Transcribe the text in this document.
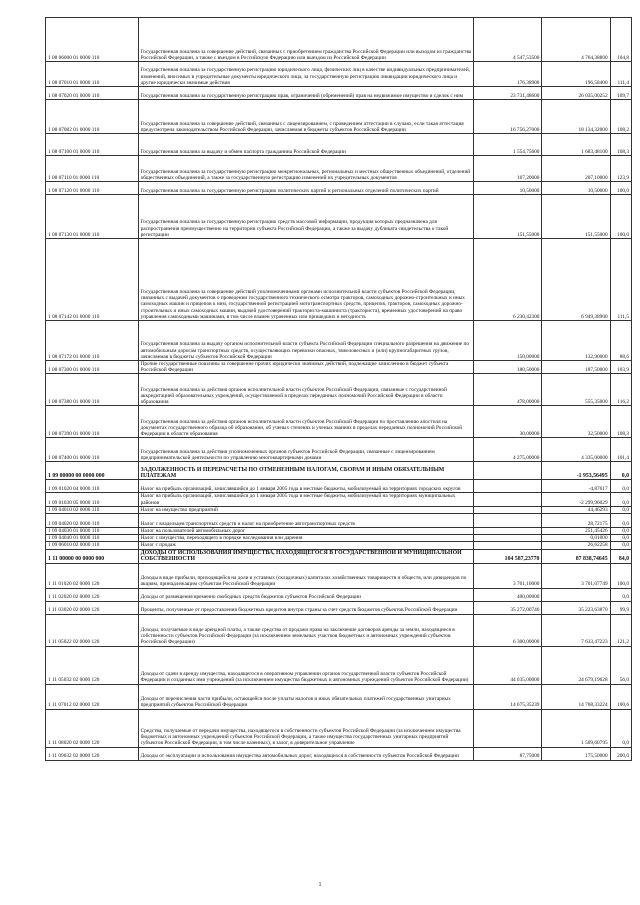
1 08 06000 01 0000 110	Государственная пошлина за совершение действий, связанных с приобретением гражданства Российской Федерации или выходом из гражданства Российской Федерации, а также с въездом в Российскую Федерацию или выездом из Российской Федерации	4 547,53500	4 764,38800	104,8
1 08 07010 01 0000 110	Государственная пошлина за государственную регистрацию юридического лица, физических лиц в качестве индивидуальных предпринимателей, изменений, вносимых в учредительные документы юридического лица, за государственную регистрацию ликвидации юридического лица и другие юридически значимые действия	176,38900	196,58400	111,4
1 08 07020 01 0000 110	Государственная пошлина за государственную регистрацию прав, ограничений (обременений) прав на недвижимое имущество и сделок с ним	23 731,48600	26 035,00252	109,7
1 08 07082 01 0000 110	Государственная пошлина за совершение действий, связанных с лицензированием, с проведением аттестации в случаях, если такая аттестация предусмотрена законодательством Российской Федерации, зачисляемая в бюджеты субъектов Российской Федерации	16 756,27000	18 134,32000	108,2
1 08 07100 01 0000 110	Государственная пошлина за выдачу и обмен паспорта гражданина Российской Федерации	1 554,75600	1 683,48100	108,3
1 08 07110 01 0000 110	Государственная пошлина за государственную регистрацию межрегиональных, региональных и местных общественных объединений, отделений общественных объединений, а также за государственную регистрацию изменений их учредительных документов	167,20000	207,10000	123,9
1 08 07120 01 0000 110	Государственная пошлина за государственную регистрацию политических партий и региональных отделений политических партий	10,50000	10,50000	100,0
1 08 07130 01 0000 110	Государственная пошлина за государственную регистрацию средств массовой информации, продукция которых предназначена для распространения преимущественно на территории субъекта Российской Федерации, а также за выдачу дубликата свидетельства о такой регистрации	151,55000	151,55000	100,0
1 08 07142 01 0000 110	Государственная пошлина за совершение действий уполномоченными органами исполнительной власти субъектов Российской Федерации, связанных с выдачей документов о проведении государственного технического осмотра тракторов, самоходных дорожно-строительных и иных самоходных машин и прицепов к ним, государственной регистрацией мототранспортных средств, прицепов, тракторов, самоходных дорожно-строительных и иных самоходных машин, выдачей удостоверений тракториста-машиниста (тракториста), временных удостоверений на право управления самоходными машинами, в том числе взамен утраченных или пришедших в негодность	6 230,42300	6 949,38900	111,5
1 08 07172 01 0000 110	Государственная пошлина за выдачу органом исполнительной власти субъекта Российской Федерации специального разрешения на движение по автомобильным дорогам транспортных средств, осуществляющих перевозки опасных, тяжеловесных и (или) крупногабаритных грузов, зачисляемая в бюджеты субъектов Российской Федерации	150,00000	132,90000	88,6
1 08 07300 01 0000 110	Прочие государственные пошлины за совершение прочих юридически значимых действий, подлежащие зачислению в бюджет субъекта Российской Федерации	180,50000	187,50000	103,9
1 08 07380 01 0000 110	Государственная пошлина за действия органов исполнительной власти субъектов Российской Федерации, связанные с государственной аккредитацией образовательных учреждений, осуществляемой в пределах переданных полномочий Российской Федерации в области образования	478,00000	555,35000	116,2
1 08 07390 01 0000 110	Государственная пошлина за действия органов исполнительной власти субъектов Российской Федерации по проставлению апостиля на документах государственного образца об образовании, об ученых степенях и ученых званиях в пределах переданных полномочий Российской Федерации в области образования	30,00000	32,50000	108,3
1 08 07400 01 0000 110	Государственная пошлина за действия уполномоченных органов субъектов Российской Федерации, связанные с лицензированием предпринимательской деятельности по управлению многоквартирными домами	4 275,00000	4 335,00000	101,4
1 09 00000 00 0000 000	ЗАДОЛЖЕННОСТЬ И ПЕРЕРАСЧЕТЫ ПО ОТМЕНЕННЫМ НАЛОГАМ, СБОРАМ И ИНЫМ ОБЯЗАТЕЛЬНЫМ ПЛАТЕЖАМ		-1 953,56495	0,0
1 09 01020 04 0000 110	Налог на прибыль организаций, зачислявшийся до 1 января 2005 года в местные бюджеты, мобилизуемый на территориях городских округов		-4,87617	0,0
1 09 01030 05 0000 110	Налог на прибыль организаций, зачислявшийся до 1 января 2005 года в местные бюджеты, мобилизуемый на территориях муниципальных районов		-2 299,96029	0,0
1 09 04010 02 0000 110	Налог на имущество предприятий		44,46293	0,0
1 09 04020 02 0000 110	Налог с владельцев транспортных средств и налог на приобретение автотранспортных средств		28,72175	0,0
1 09 04030 01 0000 110	Налог на пользователей автомобильных дорог		251,45426	0,0
1 09 04040 01 0000 110	Налог с имущества, переходящего в порядке наследования или дарения		0,01000	0,0
1 09 06010 02 0000 110	Налог с продаж		26,62258	0,0
1 11 00000 00 0000 000	ДОХОДЫ ОТ ИСПОЛЬЗОВАНИЯ ИМУЩЕСТВА, НАХОДЯЩЕГОСЯ В ГОСУДАРСТВЕННОЙ И МУНИЦИПАЛЬНОЙ СОБСТВЕННОСТИ	104 587,23770	87 838,74645	84,0
1 11 01020 02 0000 120	Доходы в виде прибыли, приходящейся на доли в уставных (складочных) капиталах хозяйственных товариществ и обществ, или дивидендов по акциям, принадлежащим субъектам Российской Федерации	3 701,10000	3 701,07749	100,0
1 11 02020 02 0000 120	Доходы от размещения временно свободных средств бюджетов субъектов Российской Федерации	400,00000		0,0
1 11 03020 02 0000 120	Проценты, полученные от предоставления бюджетных кредитов внутри страны за счет средств бюджетов субъектов Российской Федерации	35 272,00746	35 223,63870	99,9
1 11 05022 02 0000 120	Доходы, получаемые в виде арендной платы, а также средства от продажи права на заключение договоров аренды за земли, находящиеся в собственности субъектов Российской Федерации (за исключением земельных участков бюджетных и автономных учреждений субъектов Российской Федерации)	6 300,00000	7 633,47223	121,2
1 11 05032 02 0000 120	Доходы от сдачи в аренду имущества, находящегося в оперативном управлении органов государственной власти субъектов Российской Федерации и созданных ими учреждений (за исключением имущества бюджетных и автономных учреждений субъектов Российской Федерации)	44 035,00000	24 679,19628	56,0
1 11 07012 02 0000 120	Доходы от перечисления части прибыли, остающейся после уплаты налогов и иных обязательных платежей государственных унитарных предприятий субъектов Российской Федерации	14 675,35239	14 768,33224	100,6
1 11 08020 02 0000 120	Средства, получаемые от передачи имущества, находящегося в собственности субъектов Российской Федерации (за исключением имущества бюджетных и автономных учреждений субъектов Российской Федерации, а также имущества государственных унитарных предприятий субъектов Российской Федерации, в том числе казенных), в залог, в доверительное управление		1 509,60795	0,0
1 11 09032 02 0000 120	Доходы от эксплуатации и использования имущества автомобильных дорог, находящихся в собственности субъектов Российской Федерации	87,75000	175,50000	200,0
1
